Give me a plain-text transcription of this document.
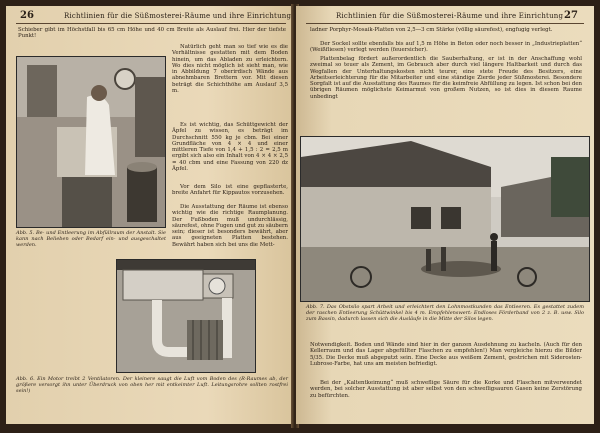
26	Richtlinien für die Süßmosterei-Räume und ihre Einrichtung
Schieber gibt im Höchstfall bis 65 cm Höhe und 40 cm Breite als Auslauf frei. Hier der tiefste Punkt!
Abb. 5. Be- und Entleerung im Abfüllraum der Anstalt. Sie kann nach Belieben oder Bedarf ein- und ausgeschaltet werden.
Natürlich geht man so tief wie es die Verhältnisse gestatten mit dem Boden hinein, um das Abladen zu erleichtern. Wo dies nicht möglich ist sieht man, wie in Abbildung 7 oberirdisch Wände aus abnehmbaren Brettern vor. Mit diesen beträgt die Schichthöhe am Auslauf 3,5 m.
Es ist wichtig, das Schüttgewicht der Äpfel zu wissen, es beträgt im Durchschnitt 550 kg je cbm. Bei einer Grundfläche von 4 × 4 und einer mittleren Tiefe von 1,4 + 1,5 : 2 = 2,5 m ergibt sich also ein Inhalt von 4 × 4 × 2,5 = 40 cbm und eine Fassung von 220 dz Äpfel.
Vor dem Silo ist eine gepflasterte, breite Anfahrt für Kippautos vorzusehen.
Die Ausstattung der Räume ist ebenso wichtig wie die richtige Raumplanung. Der Fußboden muß undurchlässig, säurefest, ohne Fugen und gut zu säubern sein; dieser ist besonders bewährt, aber aus geeigneten Platten bestehen. Bewährt haben sich bei uns die Mett-
Abb. 6. Ein Motor treibt 2 Ventilatoren. Der kleinere saugt die Luft vom Boden des (R-Raumes ab, der größere versorgt ihn unter Überdruck von oben her mit entkeimter Luft. Leitungsrohre sollten rostfrei sein!)
Richtlinien für die Süßmosterei-Räume und ihre Einrichtung 27
ladner Porphyr-Mosaik-Platten von 2,5—3 cm Stärke (völlig säurefest), engfugig verlegt.
Der Sockel sollte ebenfalls bis auf 1,5 m Höhe in Beton oder noch besser in „Industrieplatten“ (Weißfliesen) verlegt werden (feuersicher).
Plattenbelag fördert außerordentlich die Sauberhaltung, er ist in der Anschaffung wohl zweimal so teuer als Zement, im Gebrauch aber durch viel längere Haltbarkeit und durch das Wegfallen der Unterhaltungskosten nicht teurer, eine stete Freude des Besitzers, eine Arbeitserleichterung für die Mitarbeiter und eine ständige Zierde jeder Süßmosterei. Besondere Sorgfalt ist auf die Ausstattung des Raumes für die keimfreie Abfüllung zu legen. Ist schon bei den übrigen Räumen möglichste Keimarmut von großem Nutzen, so ist dies in diesem Raume unbedingt
Abb. 7. Das Obstsilo spart Arbeit und erleichtert den Lohnmostkunden das Entleeren. Es gestattet zudem der raschen Entleerung Schüttwinkel bis 4 m. Empfehlenswert: Endloses Förderband von 2 z. B. usw. Silo zum Bassin, dadurch lassen sich die Ausläufe in die Mitte der Silos legen.
Notwendigkeit. Boden und Wände sind hier in der ganzen Ausdehnung zu kacheln. (Auch für den Kellerraum und das Lager abgefüllter Flaschen zu empfehlen!) Man vergleiche hierzu die Bilder 5/35. Die Decke muß abgeputzt sein. Eine Decke aus weißem Zement, gestrichen mit Siderosten-Lubrose-Farbe, hat uns am meisten befriedigt.
Bei der „Kaltentkeimung“ muß schweflige Säure für die Korke und Flaschen mitverwendet werden, bei solcher Ausstattung ist aber selbst von den schwefligsauren Gasen keine Zerstörung zu befürchten.
